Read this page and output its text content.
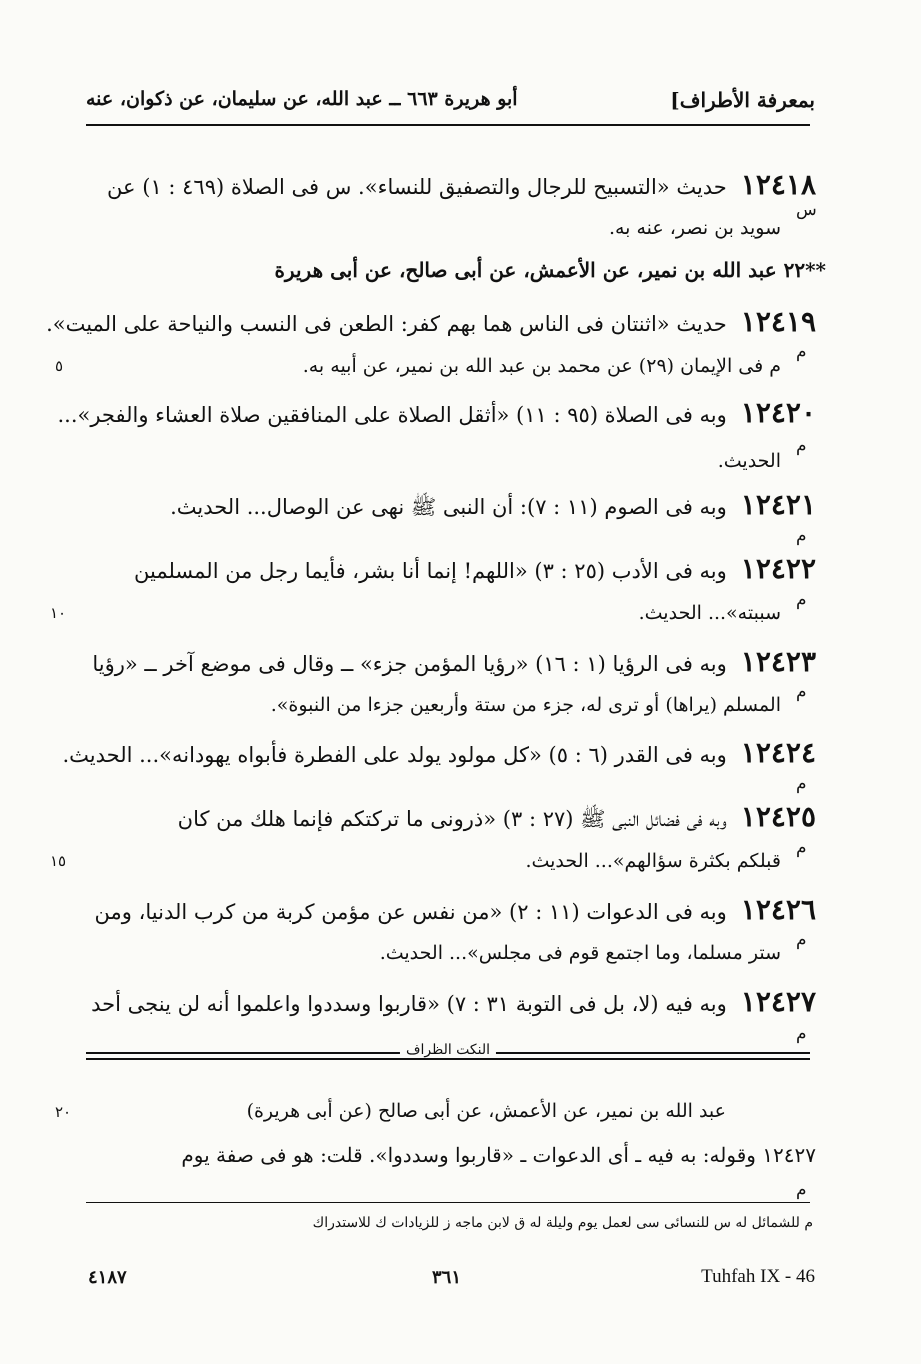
بمعرفة الأطراف]
أبو هريرة ٦٦٣ ــ عبد الله، عن سليمان، عن ذكوان، عنه
١٢٤١٨حديث «التسبيح للرجال والتصفيق للنساء». س فى الصلاة (٤٦٩ : ١) عن
سويد بن نصر، عنه به.
س
**٢٢ عبد الله بن نمير، عن الأعمش، عن أبى صالح، عن أبى هريرة
١٢٤١٩حديث «اثنتان فى الناس هما بهم كفر: الطعن فى النسب والنياحة على الميت».
م فى الإيمان (٢٩) عن محمد بن عبد الله بن نمير، عن أبيه به.
م
١٢٤٢٠وبه فى الصلاة (٩٥ : ١١) «أثقل الصلاة على المنافقين صلاة العشاء والفجر»...
الحديث.
م
١٢٤٢١وبه فى الصوم (١١ : ٧): أن النبى ﷺ نهى عن الوصال... الحديث.
م
١٢٤٢٢وبه فى الأدب (٢٥ : ٣) «اللهم! إنما أنا بشر، فأيما رجل من المسلمين
سببته»... الحديث.
م
١٢٤٢٣وبه فى الرؤيا (١ : ١٦) «رؤيا المؤمن جزء» ــ وقال فى موضع آخر ــ «رؤيا
المسلم (يراها) أو ترى له، جزء من ستة وأربعين جزءا من النبوة».
م
١٢٤٢٤وبه فى القدر (٦ : ٥) «كل مولود يولد على الفطرة فأبواه يهودانه»... الحديث.
م
١٢٤٢٥وبه فى فضائل النبى ﷺ (٢٧ : ٣) «ذرونى ما تركتكم فإنما هلك من كان
قبلكم بكثرة سؤالهم»... الحديث.
م
١٢٤٢٦وبه فى الدعوات (١١ : ٢) «من نفس عن مؤمن كربة من كرب الدنيا، ومن
ستر مسلما، وما اجتمع قوم فى مجلس»... الحديث.
م
١٢٤٢٧وبه فيه (لا، بل فى التوبة ٣١ : ٧) «قاربوا وسددوا واعلموا أنه لن ينجى أحد
م
٥
١٠
١٥
٢٠
النكت الظراف
عبد الله بن نمير، عن الأعمش، عن أبى صالح (عن أبى هريرة)
١٢٤٢٧ وقوله: به فيه ـ أى الدعوات ـ «قاربوا وسددوا». قلت: هو فى صفة يوم
م
م للشمائل له س للنسائى سى لعمل يوم وليلة له ق لابن ماجه ز للزيادات ك للاستدراك
٤١٨٧	٣٦١	Tuhfah IX - 46
